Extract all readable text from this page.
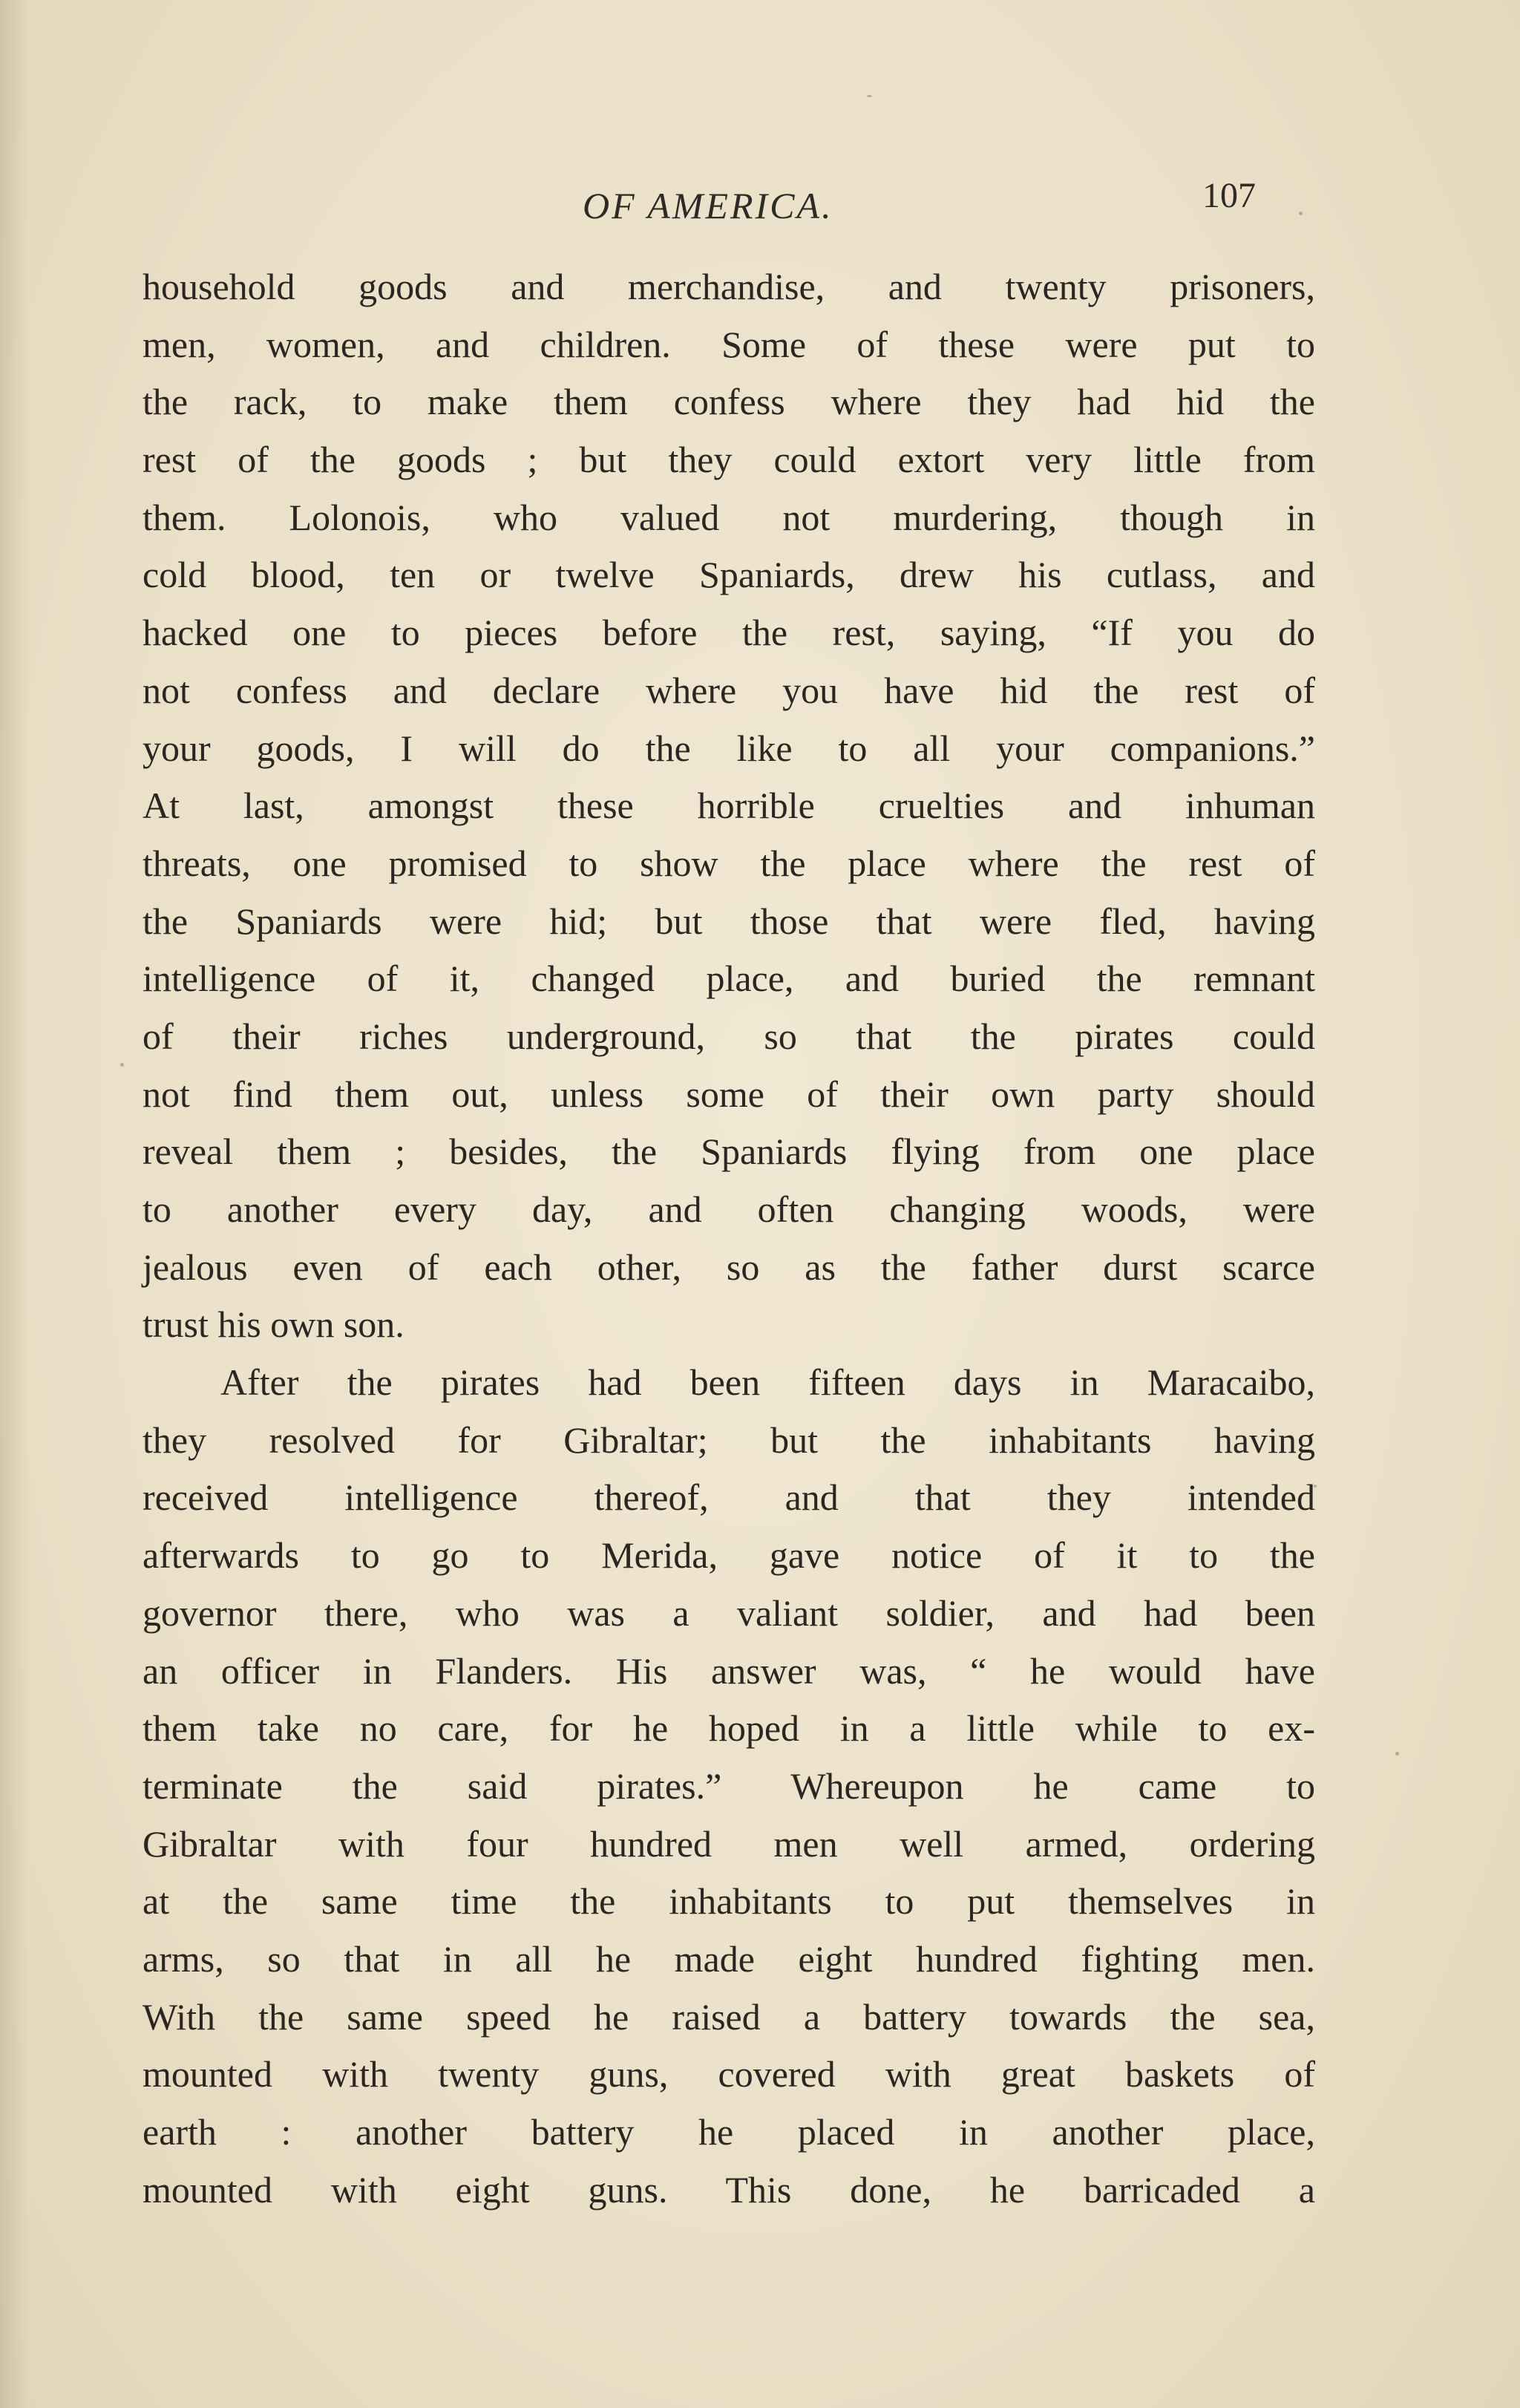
OF AMERICA.	107
household goods and merchandise, and twenty prisoners,
men, women, and children. Some of these were put to
the rack, to make them confess where they had hid the
rest of the goods ; but they could extort very little from
them. Lolonois, who valued not murdering, though in
cold blood, ten or twelve Spaniards, drew his cutlass, and
hacked one to pieces before the rest, saying, “If you do
not confess and declare where you have hid the rest of
your goods, I will do the like to all your companions.”
At last, amongst these horrible cruelties and inhuman
threats, one promised to show the place where the rest of
the Spaniards were hid; but those that were fled, having
intelligence of it, changed place, and buried the remnant
of their riches underground, so that the pirates could
not find them out, unless some of their own party should
reveal them ; besides, the Spaniards flying from one place
to another every day, and often changing woods, were
jealous even of each other, so as the father durst scarce
trust his own son.
After the pirates had been fifteen days in Maracaibo,
they resolved for Gibraltar; but the inhabitants having
received intelligence thereof, and that they intended
afterwards to go to Merida, gave notice of it to the
governor there, who was a valiant soldier, and had been
an officer in Flanders. His answer was, “ he would have
them take no care, for he hoped in a little while to ex-
terminate the said pirates.” Whereupon he came to
Gibraltar with four hundred men well armed, ordering
at the same time the inhabitants to put themselves in
arms, so that in all he made eight hundred fighting men.
With the same speed he raised a battery towards the sea,
mounted with twenty guns, covered with great baskets of
earth : another battery he placed in another place,
mounted with eight guns. This done, he barricaded a
